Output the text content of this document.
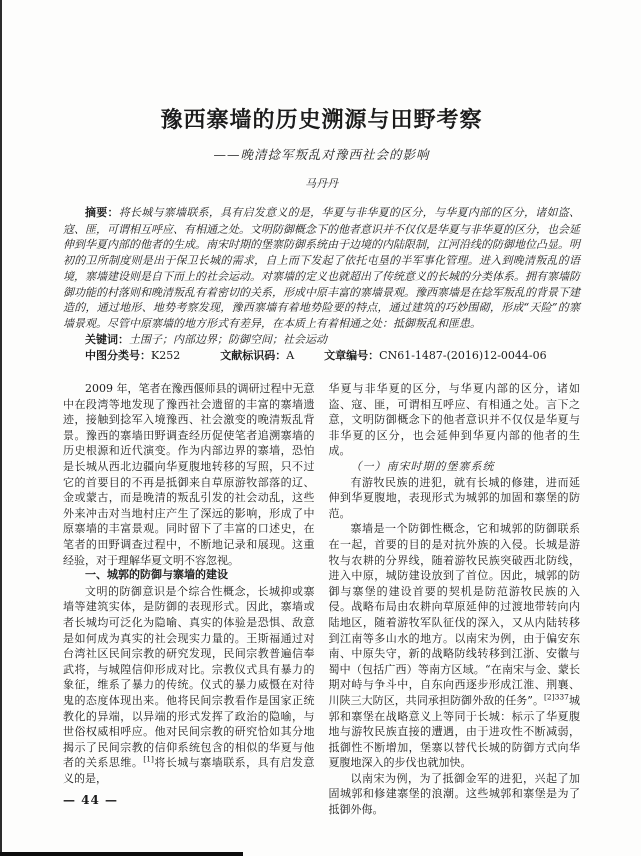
豫西寨墙的历史溯源与田野考察
——晚清捻军叛乱对豫西社会的影响
马丹丹

摘要：将长城与寨墙联系，具有启发意义的是，华夏与非华夏的区分，与华夏内部的区分，诸如盗、寇、匪，可谓相互呼应、有相通之处。文明防御概念下的他者意识并不仅仅是华夏与非华夏的区分，也会延伸到华夏内部的他者的生成。南宋时期的堡寨防御系统由于边境的内陆限制，江河沿线的防御地位凸显。明初的卫所制度则是出于保卫长城的需求，自上而下发起了依托屯垦的半军事化管理。进入到晚清叛乱的语境，寨墙建设则是自下而上的社会运动。对寨墙的定义也就超出了传统意义的长城的分类体系。拥有寨墙防御功能的村落则和晚清叛乱有着密切的关系，形成中原丰富的寨墙景观。豫西寨墙是在捻军叛乱的背景下建造的，通过地形、地势考察发现，豫西寨墙有着地势险要的特点，通过建筑的巧妙围砌，形成“天险”的寨墙景观。尽管中原寨墙的地方形式有差异，在本质上有着相通之处：抵御叛乱和匪患。

关键词：土围子；内部边界；防御空间；社会运动

中图分类号：K252	文献标识码：A	文章编号：CN61-1487-(2016)12-0044-06

2009 年，笔者在豫西偃师县的调研过程中无意中在段湾等地发现了豫西社会遗留的丰富的寨墙遗迹，接触到捻军入境豫西、社会激变的晚清叛乱背景。豫西的寨墙田野调查经历促使笔者追溯寨墙的历史根源和近代演变。作为内部边界的寨墙，恐怕是长城从西北边疆向华夏腹地转移的写照，只不过它的首要目的不再是抵御来自草原游牧部落的辽、金或蒙古，而是晚清的叛乱引发的社会动乱，这些外来冲击对当地村庄产生了深远的影响，形成了中原寨墙的丰富景观。同时留下了丰富的口述史，在笔者的田野调查过程中，不断地记录和展现。这重经验，对于理解华夏文明不容忽视。

一、城郭的防御与寨墙的建设

文明的防御意识是个综合性概念，长城抑或寨墙等建筑实体，是防御的表现形式。因此，寨墙或者长城均可泛化为隐喻、真实的体验是恐惧、敌意是如何成为真实的社会现实力量的。王斯福通过对台湾社区民间宗教的研究发现，民间宗教普遍信奉武将，与城隍信仰形成对比。宗教仪式具有暴力的象征，维系了暴力的传统。仪式的暴力威慑在对待鬼的态度体现出来。他将民间宗教看作是国家正统教化的异端，以异端的形式发挥了政治的隐喻，与世俗权威相呼应。他对民间宗教的研究恰如其分地揭示了民间宗教的信仰系统包含的相似的华夏与他者的关系思维。[1]将长城与寨墙联系，具有启发意义的是，

华夏与非华夏的区分，与华夏内部的区分，诸如盗、寇、匪，可谓相互呼应、有相通之处。言下之意，文明防御概念下的他者意识并不仅仅是华夏与非华夏的区分，也会延伸到华夏内部的他者的生成。

（一）南宋时期的堡寨系统

有游牧民族的进犯，就有长城的修建，进而延伸到华夏腹地，表现形式为城郭的加固和寨堡的防范。

寨墙是一个防御性概念，它和城郭的防御联系在一起，首要的目的是对抗外族的入侵。长城是游牧与农耕的分界线，随着游牧民族突破西北防线，进入中原，城防建设放到了首位。因此，城郭的防御与寨堡的建设首要的契机是防范游牧民族的入侵。战略布局由农耕向草原延伸的过渡地带转向内陆地区，随着游牧军队征伐的深入，又从内陆转移到江南等多山水的地方。以南宋为例，由于偏安东南、中原失守，新的战略防线转移到江浙、安徽与蜀中（包括广西）等南方区域。“在南宋与金、蒙长期对峙与争斗中，自东向西逐步形成江淮、荆襄、川陕三大防区，共同承担防御外敌的任务”。$^{[2]337}$城郭和寨堡在战略意义上等同于长城：标示了华夏腹地与游牧民族直接的遭遇，由于进攻性不断减弱，抵御性不断增加，堡寨以替代长城的防御方式向华夏腹地深入的步伐也就加快。

以南宋为例，为了抵御金军的进犯，兴起了加固城郭和修建寨堡的浪潮。这些城郭和寨堡是为了抵御外侮。

— 44 —
